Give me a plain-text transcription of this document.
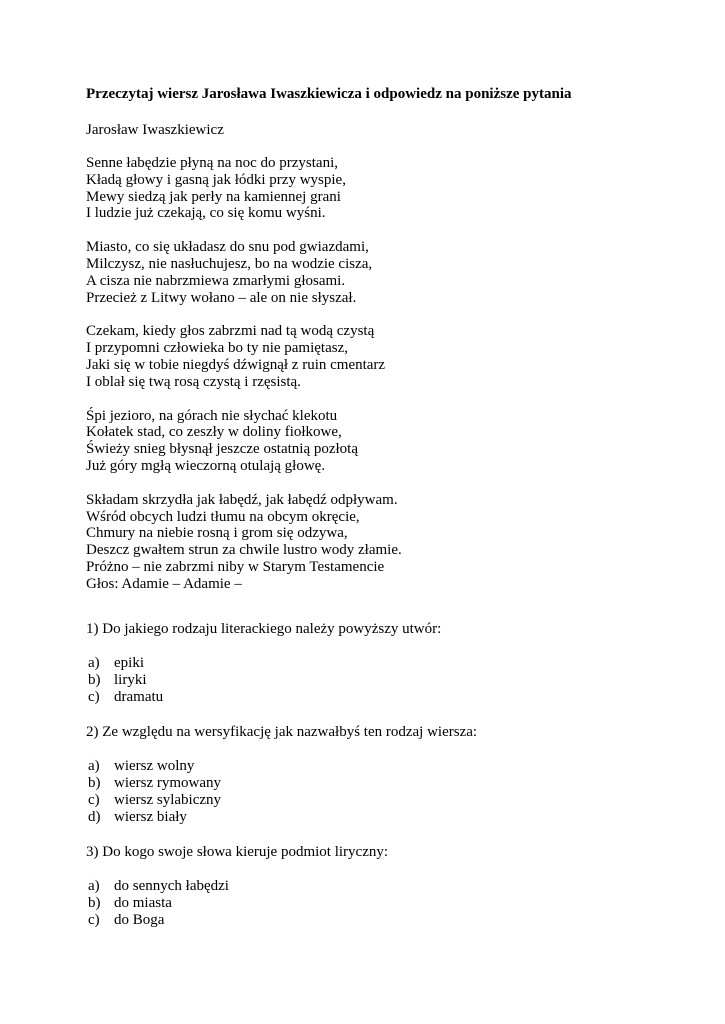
Przeczytaj wiersz Jarosława Iwaszkiewicza i odpowiedz na poniższe pytania
Jarosław Iwaszkiewicz
Senne łabędzie płyną na noc do przystani,
Kładą głowy i gasną jak łódki przy wyspie,
Mewy siedzą jak perły na kamiennej grani
I ludzie już czekają, co się komu wyśni.
Miasto, co się układasz do snu pod gwiazdami,
Milczysz, nie nasłuchujesz, bo na wodzie cisza,
A cisza nie nabrzmiewa zmarłymi głosami.
Przecież z Litwy wołano – ale on nie słyszał.
Czekam, kiedy głos zabrzmi nad tą wodą czystą
I przypomni człowieka bo ty nie pamiętasz,
Jaki się w tobie niegdyś dźwignął z ruin cmentarz
I oblał się twą rosą czystą i rzęsistą.
Śpi jezioro, na górach nie słychać klekotu
Kołatek stad, co zeszły w doliny fiołkowe,
Świeży snieg błysnął jeszcze ostatnią pozłotą
Już góry mgłą wieczorną otulają głowę.
Składam skrzydła jak łabędź, jak łabędź odpływam.
Wśród obcych ludzi tłumu na obcym okręcie,
Chmury na niebie rosną i grom się odzywa,
Deszcz gwałtem strun za chwile lustro wody złamie.
Próżno – nie zabrzmi niby w Starym Testamencie
Głos: Adamie – Adamie –
1) Do jakiego rodzaju literackiego należy powyższy utwór:
a) epiki
b) liryki
c) dramatu
2) Ze względu na wersyfikację jak nazwałbyś ten rodzaj wiersza:
a) wiersz wolny
b) wiersz rymowany
c) wiersz sylabiczny
d) wiersz biały
3) Do kogo swoje słowa kieruje podmiot liryczny:
a) do sennych łabędzi
b) do miasta
c) do Boga
